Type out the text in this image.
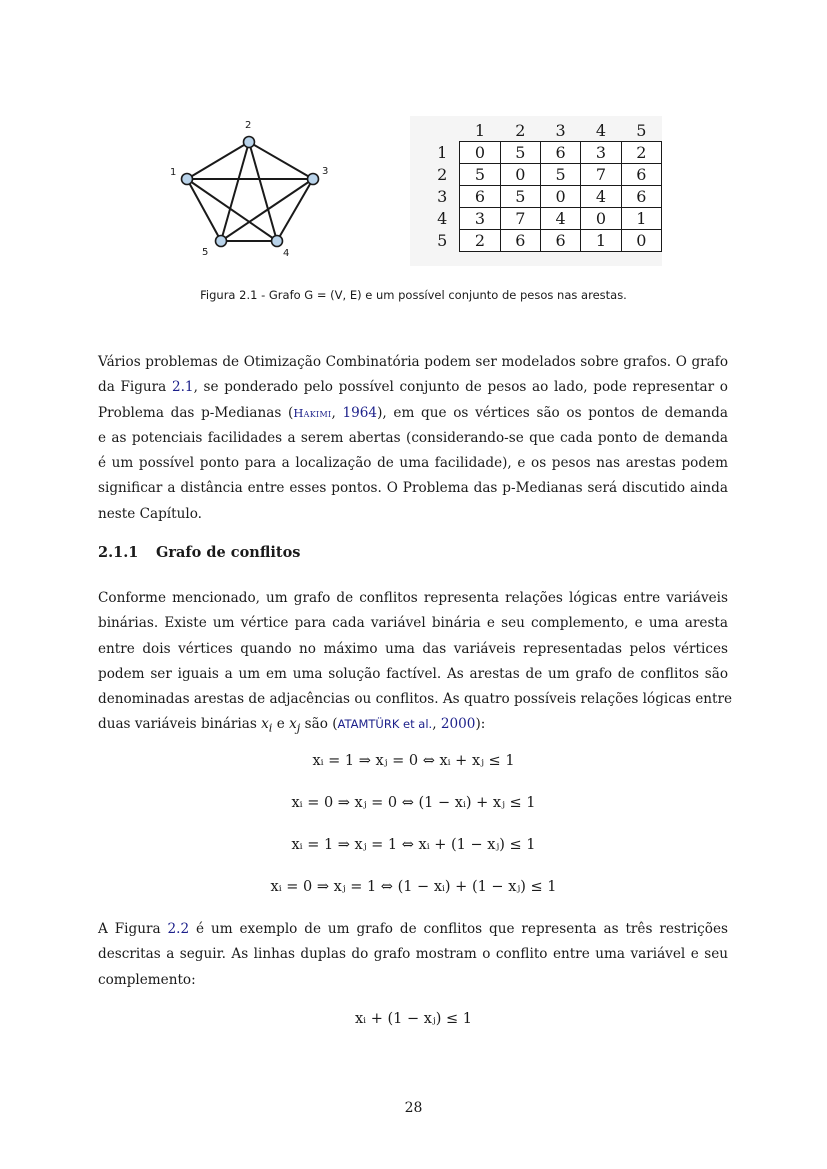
1
2
3
4
5
	1	2	3	4	5
1	0	5	6	3	2
2	5	0	5	7	6
3	6	5	0	4	6
4	3	7	4	0	1
5	2	6	6	1	0
Figura 2.1 - Grafo G = (V, E) e um possível conjunto de pesos nas arestas.
Vários problemas de Otimização Combinatória podem ser modelados sobre grafos. O grafo
da Figura 2.1, se ponderado pelo possível conjunto de pesos ao lado, pode representar o
Problema das p-Medianas (Hakimi, 1964), em que os vértices são os pontos de demanda
e as potenciais facilidades a serem abertas (considerando-se que cada ponto de demanda
é um possível ponto para a localização de uma facilidade), e os pesos nas arestas podem
significar a distância entre esses pontos. O Problema das p-Medianas será discutido ainda
neste Capítulo.
2.1.1 Grafo de conflitos
Conforme mencionado, um grafo de conflitos representa relações lógicas entre variáveis
binárias. Existe um vértice para cada variável binária e seu complemento, e uma aresta
entre dois vértices quando no máximo uma das variáveis representadas pelos vértices
podem ser iguais a um em uma solução factível. As arestas de um grafo de conflitos são
denominadas arestas de adjacências ou conflitos. As quatro possíveis relações lógicas entre
duas variáveis binárias $x_i$ e $x_j$ são (ATAMTÜRK et al., 2000):
xᵢ = 1 ⇒ xⱼ = 0 ⇔ xᵢ + xⱼ ≤ 1
xᵢ = 0 ⇒ xⱼ = 0 ⇔ (1 − xᵢ) + xⱼ ≤ 1
xᵢ = 1 ⇒ xⱼ = 1 ⇔ xᵢ + (1 − xⱼ) ≤ 1
xᵢ = 0 ⇒ xⱼ = 1 ⇔ (1 − xᵢ) + (1 − xⱼ) ≤ 1
A Figura 2.2 é um exemplo de um grafo de conflitos que representa as três restrições
descritas a seguir. As linhas duplas do grafo mostram o conflito entre uma variável e seu
complemento:
xᵢ + (1 − xⱼ) ≤ 1
28
